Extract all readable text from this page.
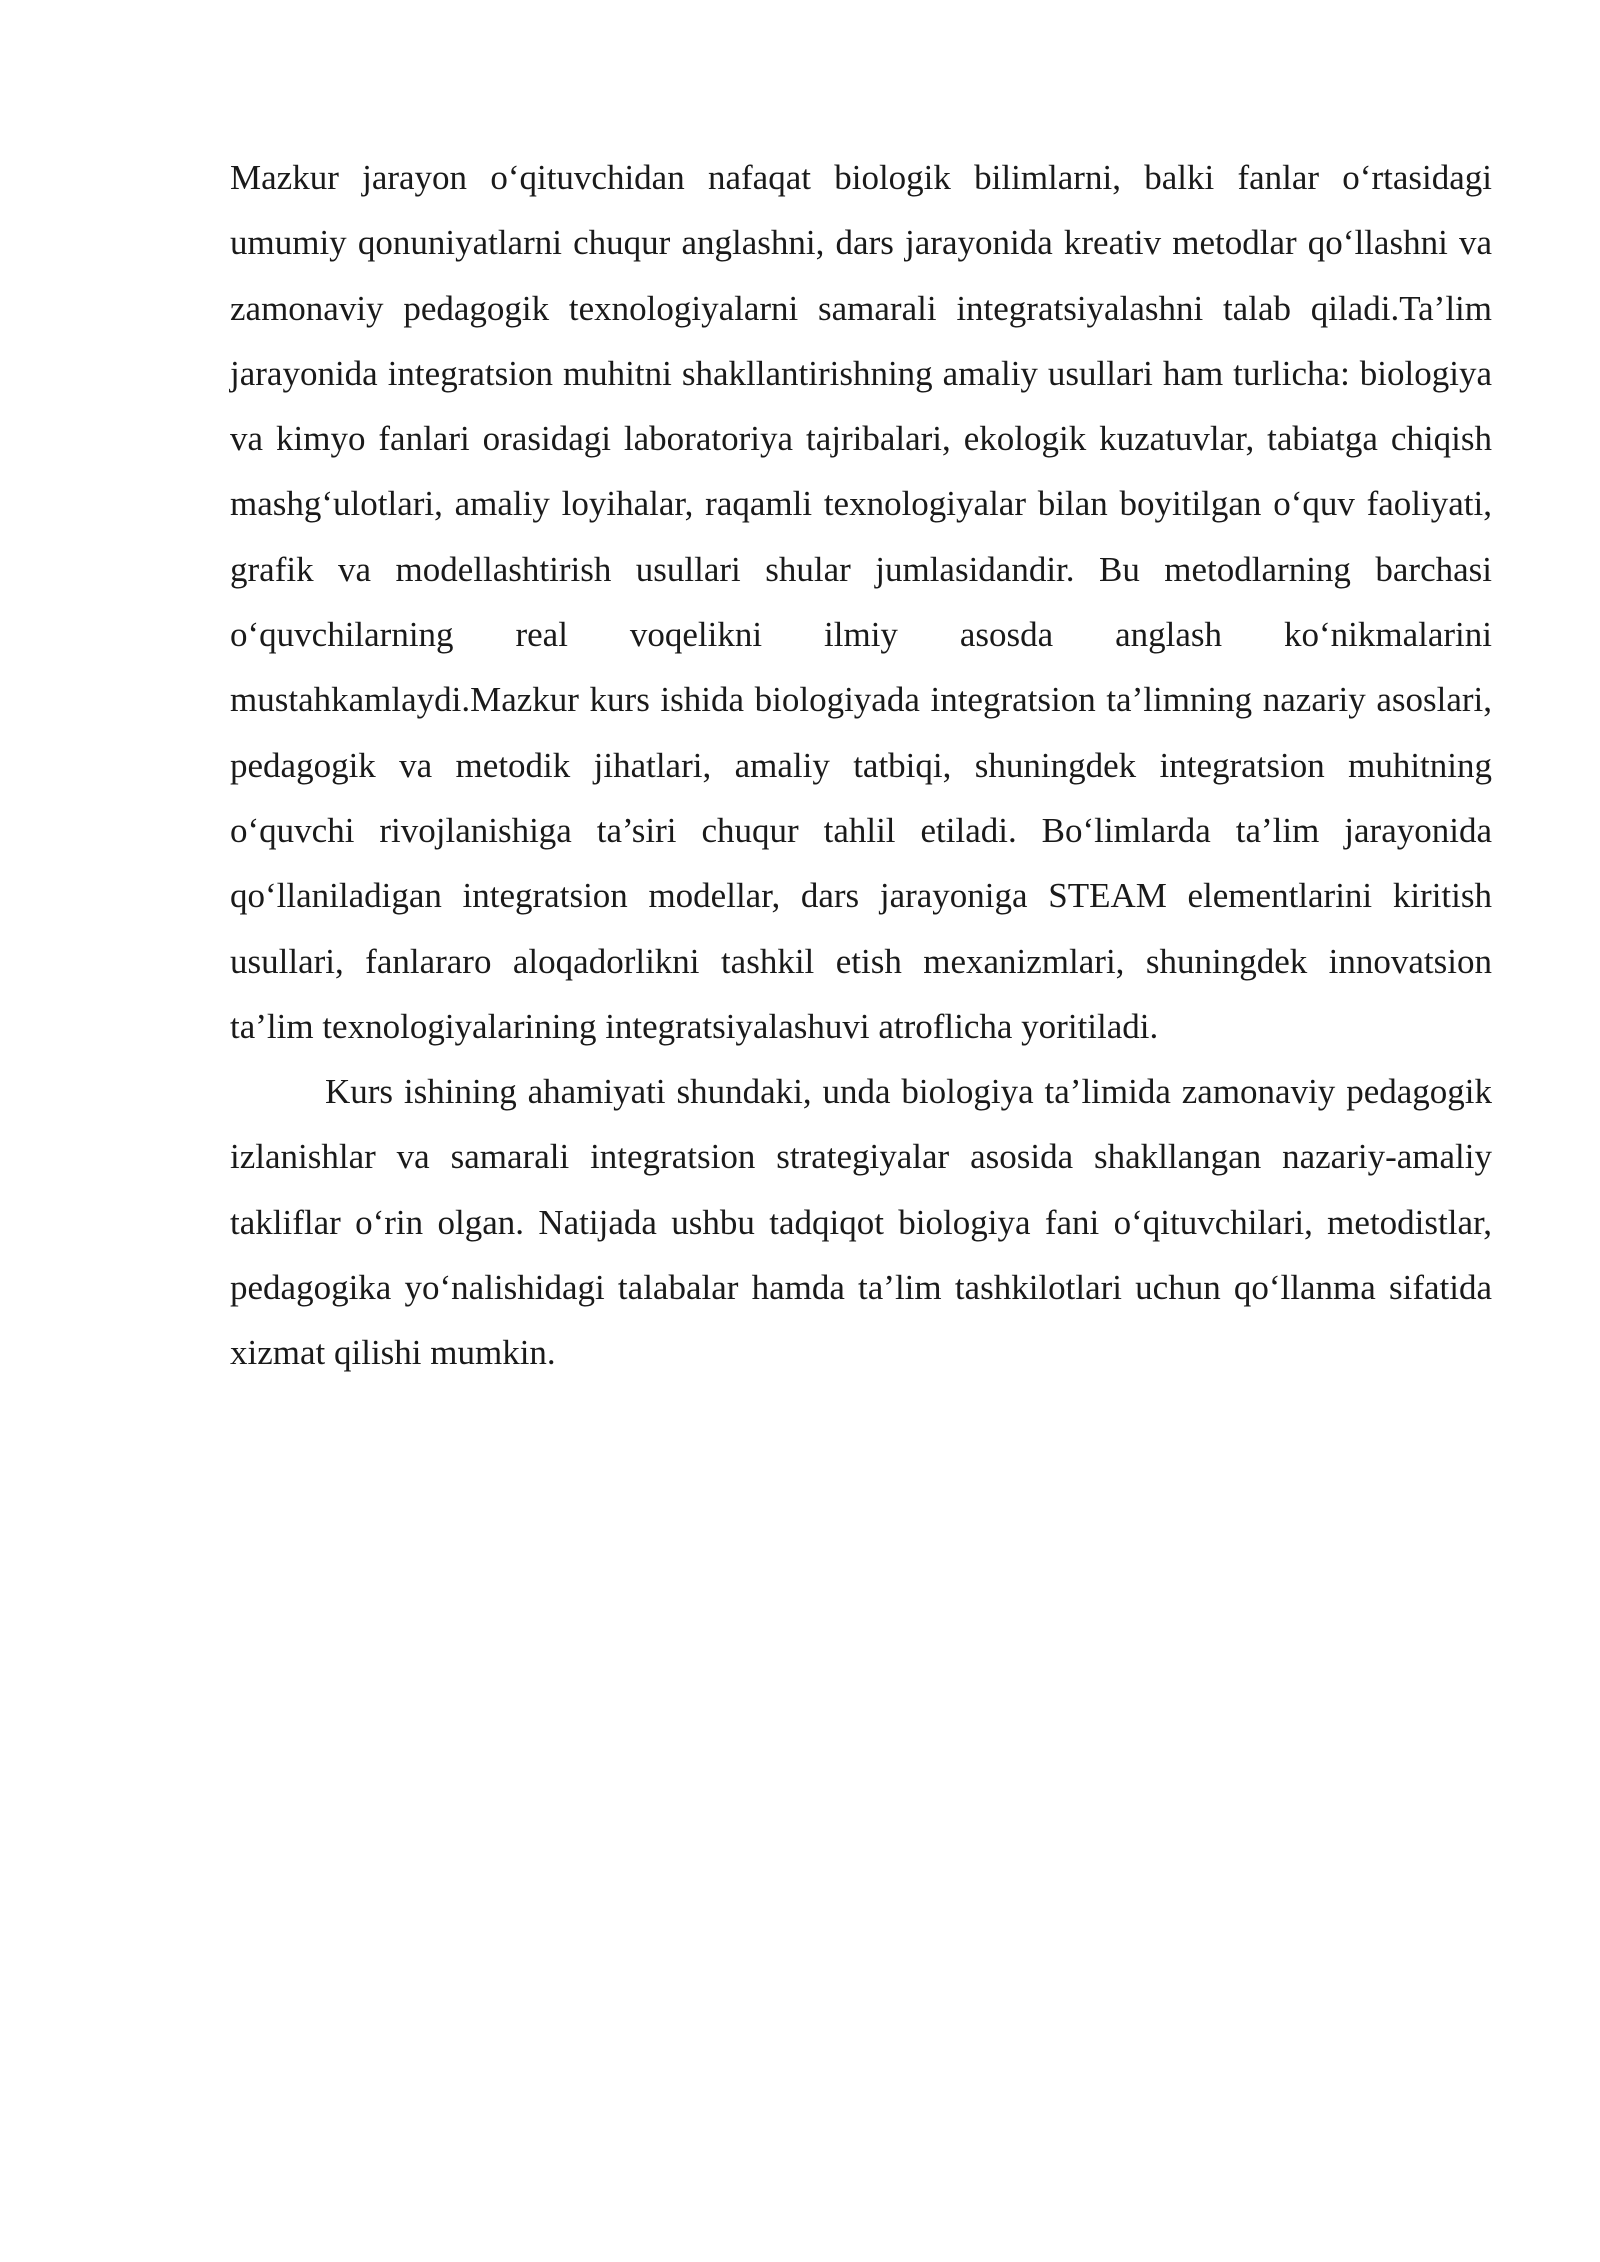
Mazkur jarayon o‘qituvchidan nafaqat biologik bilimlarni, balki fanlar o‘rtasidagi umumiy qonuniyatlarni chuqur anglashni, dars jarayonida kreativ metodlar qo‘llashni va zamonaviy pedagogik texnologiyalarni samarali integratsiyalashni talab qiladi.Ta’lim jarayonida integratsion muhitni shakllantirishning amaliy usullari ham turlicha: biologiya va kimyo fanlari orasidagi laboratoriya tajribalari, ekologik kuzatuvlar, tabiatga chiqish mashg‘ulotlari, amaliy loyihalar, raqamli texnologiyalar bilan boyitilgan o‘quv faoliyati, grafik va modellashtirish usullari shular jumlasidandir. Bu metodlarning barchasi o‘quvchilarning real voqelikni ilmiy asosda anglash ko‘nikmalarini mustahkamlaydi.Mazkur kurs ishida biologiyada integratsion ta’limning nazariy asoslari, pedagogik va metodik jihatlari, amaliy tatbiqi, shuningdek integratsion muhitning o‘quvchi rivojlanishiga ta’siri chuqur tahlil etiladi. Bo‘limlarda ta’lim jarayonida qo‘llaniladigan integratsion modellar, dars jarayoniga STEAM elementlarini kiritish usullari, fanlararo aloqadorlikni tashkil etish mexanizmlari, shuningdek innovatsion ta’lim texnologiyalarining integratsiyalashuvi atroflicha yoritiladi.

Kurs ishining ahamiyati shundaki, unda biologiya ta’limida zamonaviy pedagogik izlanishlar va samarali integratsion strategiyalar asosida shakllangan nazariy-amaliy takliflar o‘rin olgan. Natijada ushbu tadqiqot biologiya fani o‘qituvchilari, metodistlar, pedagogika yo‘nalishidagi talabalar hamda ta’lim tashkilotlari uchun qo‘llanma sifatida xizmat qilishi mumkin.
